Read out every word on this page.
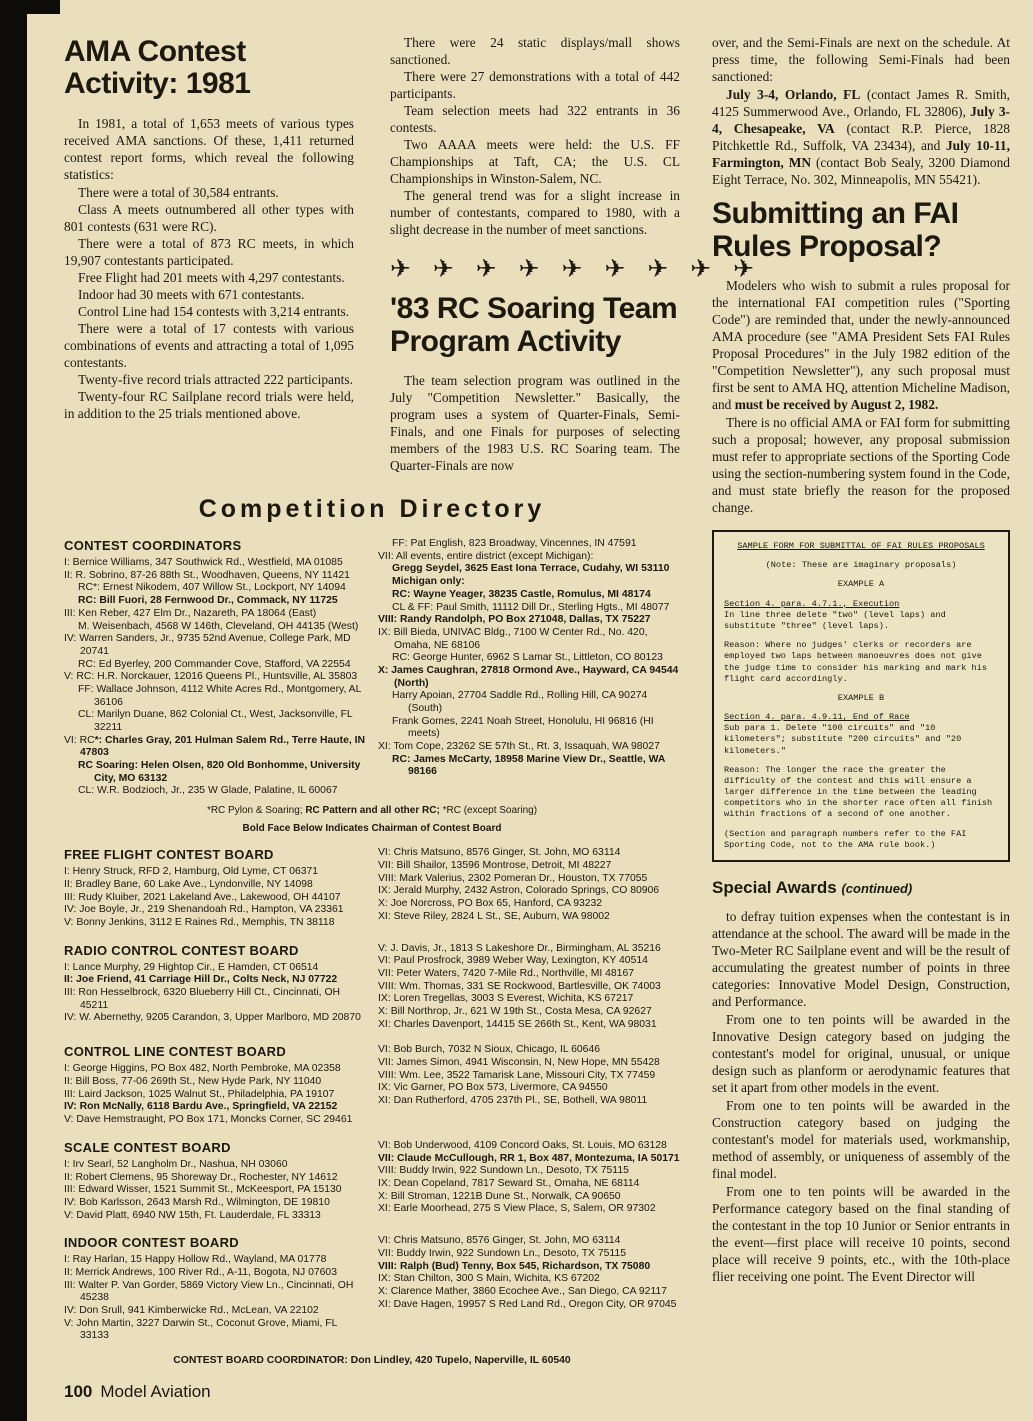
AMA Contest Activity: 1981

In 1981, a total of 1,653 meets of various types received AMA sanctions. Of these, 1,411 returned contest report forms, which reveal the following statistics:

There were a total of 30,584 entrants.

Class A meets outnumbered all other types with 801 contests (631 were RC).

There were a total of 873 RC meets, in which 19,907 contestants participated.

Free Flight had 201 meets with 4,297 contestants.

Indoor had 30 meets with 671 contestants.

Control Line had 154 contests with 3,214 entrants.

There were a total of 17 contests with various combinations of events and attracting a total of 1,095 contestants.

Twenty-five record trials attracted 222 participants.

Twenty-four RC Sailplane record trials were held, in addition to the 25 trials mentioned above.

There were 24 static displays/mall shows sanctioned.

There were 27 demonstrations with a total of 442 participants.

Team selection meets had 322 entrants in 36 contests.

Two AAAA meets were held: the U.S. FF Championships at Taft, CA; the U.S. CL Championships in Winston-Salem, NC.

The general trend was for a slight increase in number of contestants, compared to 1980, with a slight decrease in the number of meet sanctions.

✈ ✈ ✈ ✈ ✈ ✈ ✈ ✈ ✈
'83 RC Soaring Team Program Activity

The team selection program was outlined in the July "Competition Newsletter." Basically, the program uses a system of Quarter-Finals, Semi-Finals, and one Finals for purposes of selecting members of the 1983 U.S. RC Soaring team. The Quarter-Finals are now

Competition Directory
CONTEST COORDINATORS

I: Bernice Williams, 347 Southwick Rd., Westfield, MA 01085

II: R. Sobrino, 87-26 88th St., Woodhaven, Queens, NY 11421

RC*: Ernest Nikodem, 407 Willow St., Lockport, NY 14094

RC: Bill Fuori, 28 Fernwood Dr., Commack, NY 11725

III: Ken Reber, 427 Elm Dr., Nazareth, PA 18064 (East)

M. Weisenbach, 4568 W 146th, Cleveland, OH 44135 (West)

IV: Warren Sanders, Jr., 9735 52nd Avenue, College Park, MD 20741

RC: Ed Byerley, 200 Commander Cove, Stafford, VA 22554

V: RC: H.R. Norckauer, 12016 Queens Pl., Huntsville, AL 35803

FF: Wallace Johnson, 4112 White Acres Rd., Montgomery, AL 36106

CL: Marilyn Duane, 862 Colonial Ct., West, Jacksonville, FL 32211

VI: RC*: Charles Gray, 201 Hulman Salem Rd., Terre Haute, IN 47803

RC Soaring: Helen Olsen, 820 Old Bonhomme, University City, MO 63132

CL: W.R. Bodzioch, Jr., 235 W Glade, Palatine, IL 60067

FF: Pat English, 823 Broadway, Vincennes, IN 47591

VII: All events, entire district (except Michigan):

Gregg Seydel, 3625 East Iona Terrace, Cudahy, WI 53110

Michigan only:

RC: Wayne Yeager, 38235 Castle, Romulus, MI 48174

CL & FF: Paul Smith, 11112 Dill Dr., Sterling Hgts., MI 48077

VIII: Randy Randolph, PO Box 271048, Dallas, TX 75227

IX: Bill Bieda, UNIVAC Bldg., 7100 W Center Rd., No. 420, Omaha, NE 68106

RC: George Hunter, 6962 S Lamar St., Littleton, CO 80123

X: James Caughran, 27818 Ormond Ave., Hayward, CA 94544 (North)

Harry Apoian, 27704 Saddle Rd., Rolling Hill, CA 90274 (South)

Frank Gomes, 2241 Noah Street, Honolulu, HI 96816 (HI meets)

XI: Tom Cope, 23262 SE 57th St., Rt. 3, Issaquah, WA 98027

RC: James McCarty, 18958 Marine View Dr., Seattle, WA 98166

*RC Pylon & Soaring; RC Pattern and all other RC; *RC (except Soaring)

Bold Face Below Indicates Chairman of Contest Board

FREE FLIGHT CONTEST BOARD

I: Henry Struck, RFD 2, Hamburg, Old Lyme, CT 06371

II: Bradley Bane, 60 Lake Ave., Lyndonville, NY 14098

III: Rudy Kluiber, 2021 Lakeland Ave., Lakewood, OH 44107

IV: Joe Boyle, Jr., 219 Shenandoah Rd., Hampton, VA 23361

V: Bonny Jenkins, 3112 E Raines Rd., Memphis, TN 38118

VI: Chris Matsuno, 8576 Ginger, St. John, MO 63114

VII: Bill Shailor, 13596 Montrose, Detroit, MI 48227

VIII: Mark Valerius, 2302 Pomeran Dr., Houston, TX 77055

IX: Jerald Murphy, 2432 Astron, Colorado Springs, CO 80906

X: Joe Norcross, PO Box 65, Hanford, CA 93232

XI: Steve Riley, 2824 L St., SE, Auburn, WA 98002

RADIO CONTROL CONTEST BOARD

I: Lance Murphy, 29 Hightop Cir., E Hamden, CT 06514

II: Joe Friend, 41 Carriage Hill Dr., Colts Neck, NJ 07722

III: Ron Hesselbrock, 6320 Blueberry Hill Ct., Cincinnati, OH 45211

IV: W. Abernethy, 9205 Carandon, 3, Upper Marlboro, MD 20870

V: J. Davis, Jr., 1813 S Lakeshore Dr., Birmingham, AL 35216

VI: Paul Prosfrock, 3989 Weber Way, Lexington, KY 40514

VII: Peter Waters, 7420 7-Mile Rd., Northville, MI 48167

VIII: Wm. Thomas, 331 SE Rockwood, Bartlesville, OK 74003

IX: Loren Tregellas, 3003 S Everest, Wichita, KS 67217

X: Bill Northrop, Jr., 621 W 19th St., Costa Mesa, CA 92627

XI: Charles Davenport, 14415 SE 266th St., Kent, WA 98031

CONTROL LINE CONTEST BOARD

I: George Higgins, PO Box 482, North Pembroke, MA 02358

II: Bill Boss, 77-06 269th St., New Hyde Park, NY 11040

III: Laird Jackson, 1025 Walnut St., Philadelphia, PA 19107

IV: Ron McNally, 6118 Bardu Ave., Springfield, VA 22152

V: Dave Hemstraught, PO Box 171, Moncks Corner, SC 29461

VI: Bob Burch, 7032 N Sioux, Chicago, IL 60646

VII: James Simon, 4941 Wisconsin, N, New Hope, MN 55428

VIII: Wm. Lee, 3522 Tamarisk Lane, Missouri City, TX 77459

IX: Vic Garner, PO Box 573, Livermore, CA 94550

XI: Dan Rutherford, 4705 237th Pl., SE, Bothell, WA 98011

SCALE CONTEST BOARD

I: Irv Searl, 52 Langholm Dr., Nashua, NH 03060

II: Robert Clemens, 95 Shoreway Dr., Rochester, NY 14612

III: Edward Wisser, 1521 Summit St., McKeesport, PA 15130

IV: Bob Karlsson, 2643 Marsh Rd., Wilmington, DE 19810

V: David Platt, 6940 NW 15th, Ft. Lauderdale, FL 33313

VI: Bob Underwood, 4109 Concord Oaks, St. Louis, MO 63128

VII: Claude McCullough, RR 1, Box 487, Montezuma, IA 50171

VIII: Buddy Irwin, 922 Sundown Ln., Desoto, TX 75115

IX: Dean Copeland, 7817 Seward St., Omaha, NE 68114

X: Bill Stroman, 1221B Dune St., Norwalk, CA 90650

XI: Earle Moorhead, 275 S View Place, S, Salem, OR 97302

INDOOR CONTEST BOARD

I: Ray Harlan, 15 Happy Hollow Rd., Wayland, MA 01778

II: Merrick Andrews, 100 River Rd., A-11, Bogota, NJ 07603

III: Walter P. Van Gorder, 5869 Victory View Ln., Cincinnati, OH 45238

IV: Don Srull, 941 Kimberwicke Rd., McLean, VA 22102

V: John Martin, 3227 Darwin St., Coconut Grove, Miami, FL 33133

VI: Chris Matsuno, 8576 Ginger, St. John, MO 63114

VII: Buddy Irwin, 922 Sundown Ln., Desoto, TX 75115

VIII: Ralph (Bud) Tenny, Box 545, Richardson, TX 75080

IX: Stan Chilton, 300 S Main, Wichita, KS 67202

X: Clarence Mather, 3860 Ecochee Ave., San Diego, CA 92117

XI: Dave Hagen, 19957 S Red Land Rd., Oregon City, OR 97045

CONTEST BOARD COORDINATOR: Don Lindley, 420 Tupelo, Naperville, IL 60540

over, and the Semi-Finals are next on the schedule. At press time, the following Semi-Finals had been sanctioned:

July 3-4, Orlando, FL (contact James R. Smith, 4125 Summerwood Ave., Orlando, FL 32806), July 3-4, Chesapeake, VA (contact R.P. Pierce, 1828 Pitchkettle Rd., Suffolk, VA 23434), and July 10-11, Farmington, MN (contact Bob Sealy, 3200 Diamond Eight Terrace, No. 302, Minneapolis, MN 55421).

Submitting an FAI Rules Proposal?

Modelers who wish to submit a rules proposal for the international FAI competition rules ("Sporting Code") are reminded that, under the newly-announced AMA procedure (see "AMA President Sets FAI Rules Proposal Procedures" in the July 1982 edition of the "Competition Newsletter"), any such proposal must first be sent to AMA HQ, attention Micheline Madison, and must be received by August 2, 1982.

There is no official AMA or FAI form for submitting such a proposal; however, any proposal submission must refer to appropriate sections of the Sporting Code using the section-numbering system found in the Code, and must state briefly the reason for the proposed change.

SAMPLE FORM FOR SUBMITTAL OF FAI RULES PROPOSALS

(Note: These are imaginary proposals)

EXAMPLE A

Section 4. para. 4.7.1., Execution

In line three delete "two" (level laps) and substitute "three" (level laps).

Reason: Where no judges' clerks or recorders are employed two laps between manoeuvres does not give the judge time to consider his marking and mark his flight card accordingly.

EXAMPLE B

Section 4. para. 4.9.11, End of Race

Sub para 1. Delete "100 circuits" and "10 kilometers"; substitute "200 circuits" and "20 kilometers."

Reason: The longer the race the greater the difficulty of the contest and this will ensure a larger difference in the time between the leading competitors who in the shorter race often all finish within fractions of a second of one another.

(Section and paragraph numbers refer to the FAI Sporting Code, not to the AMA rule book.)

Special Awards (continued)

to defray tuition expenses when the contestant is in attendance at the school. The award will be made in the Two-Meter RC Sailplane event and will be the result of accumulating the greatest number of points in three categories: Innovative Model Design, Construction, and Performance.

From one to ten points will be awarded in the Innovative Design category based on judging the contestant's model for original, unusual, or unique design such as planform or aerodynamic features that set it apart from other models in the event.

From one to ten points will be awarded in the Construction category based on judging the contestant's model for materials used, workmanship, method of assembly, or uniqueness of assembly of the final model.

From one to ten points will be awarded in the Performance category based on the final standing of the contestant in the top 10 Junior or Senior entrants in the event—first place will receive 10 points, second place will receive 9 points, etc., with the 10th-place flier receiving one point. The Event Director will

100 Model Aviation
